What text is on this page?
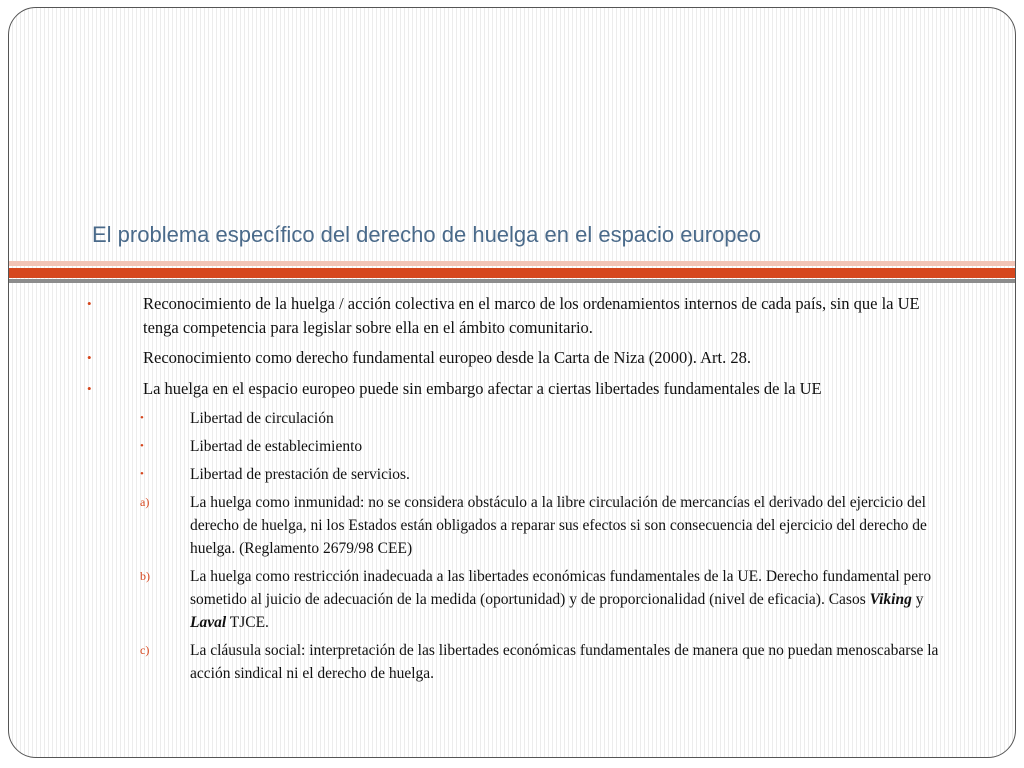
El problema específico del derecho de huelga en el espacio europeo
•	Reconocimiento de la huelga / acción colectiva en el marco de los ordenamientos internos de cada país, sin que la UE tenga competencia para legislar sobre ella en el ámbito comunitario.
•	Reconocimiento como derecho fundamental europeo desde la Carta de Niza (2000). Art. 28.
•	La huelga en el espacio europeo puede sin embargo afectar a ciertas libertades fundamentales de la UE
•	Libertad de circulación
•	Libertad de establecimiento
•	Libertad de prestación de servicios.
a)	La huelga como inmunidad: no se considera obstáculo a la libre circulación de mercancías el derivado del ejercicio del derecho de huelga, ni los Estados están obligados a reparar sus efectos si son consecuencia del ejercicio del derecho de huelga. (Reglamento 2679/98 CEE)
b)	La huelga como restricción inadecuada a las libertades económicas fundamentales de la UE. Derecho fundamental pero sometido al juicio de adecuación de la medida (oportunidad) y de proporcionalidad (nivel de eficacia). Casos Viking y Laval TJCE.
c)	La cláusula social: interpretación de las libertades económicas fundamentales de manera que no puedan menoscabarse la acción sindical ni el derecho de huelga.
